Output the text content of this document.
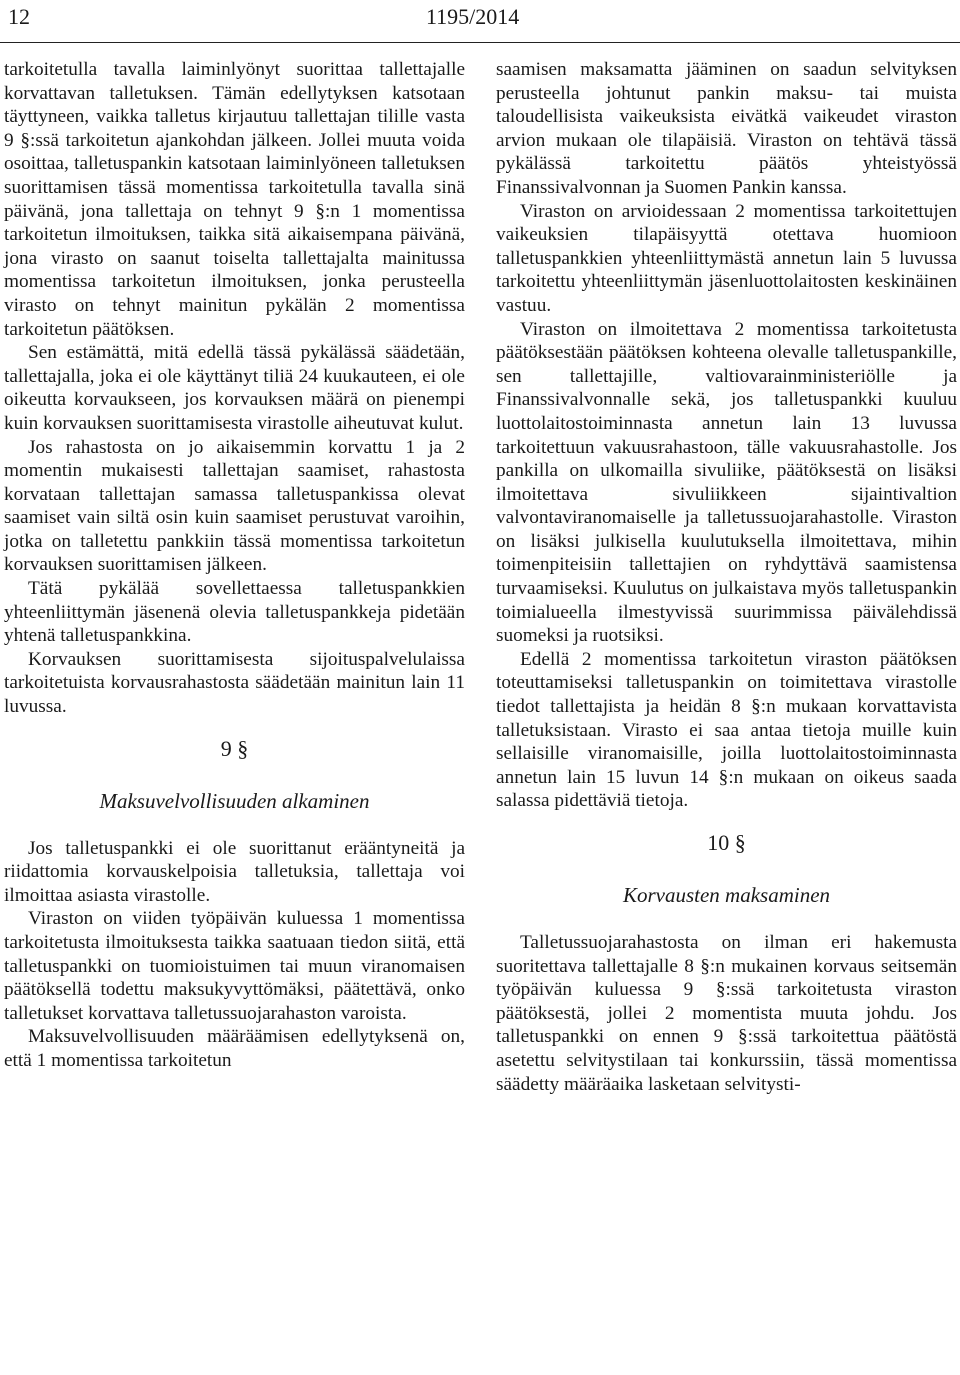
12	1195/2014

tarkoitetulla tavalla laiminlyönyt suorittaa tallettajalle korvattavan talletuksen. Tämän edellytyksen katsotaan täyttyneen, vaikka talletus kirjautuu tallettajan tilille vasta 9 §:ssä tarkoitetun ajankohdan jälkeen. Jollei muuta voida osoittaa, talletuspankin katsotaan laiminlyöneen talletuksen suorittamisen tässä momentissa tarkoitetulla tavalla sinä päivänä, jona tallettaja on tehnyt 9 §:n 1 momentissa tarkoitetun ilmoituksen, taikka sitä aikaisempana päivänä, jona virasto on saanut toiselta tallettajalta mainitussa momentissa tarkoitetun ilmoituksen, jonka perusteella virasto on tehnyt mainitun pykälän 2 momentissa tarkoitetun päätöksen.

Sen estämättä, mitä edellä tässä pykälässä säädetään, tallettajalla, joka ei ole käyttänyt tiliä 24 kuukauteen, ei ole oikeutta korvaukseen, jos korvauksen määrä on pienempi kuin korvauksen suorittamisesta virastolle aiheutuvat kulut.

Jos rahastosta on jo aikaisemmin korvattu 1 ja 2 momentin mukaisesti tallettajan saamiset, rahastosta korvataan tallettajan samassa talletuspankissa olevat saamiset vain siltä osin kuin saamiset perustuvat varoihin, jotka on talletettu pankkiin tässä momentissa tarkoitetun korvauksen suorittamisen jälkeen.

Tätä pykälää sovellettaessa talletuspankkien yhteenliittymän jäsenenä olevia talletuspankkeja pidetään yhtenä talletuspankkina.

Korvauksen suorittamisesta sijoituspalvelulaissa tarkoitetuista korvausrahastosta säädetään mainitun lain 11 luvussa.

9 §
Maksuvelvollisuuden alkaminen

Jos talletuspankki ei ole suorittanut erääntyneitä ja riidattomia korvauskelpoisia talletuksia, tallettaja voi ilmoittaa asiasta virastolle.

Viraston on viiden työpäivän kuluessa 1 momentissa tarkoitetusta ilmoituksesta taikka saatuaan tiedon siitä, että talletuspankki on tuomioistuimen tai muun viranomaisen päätöksellä todettu maksukyvyttömäksi, päätettävä, onko talletukset korvattava talletussuojarahaston varoista.

Maksuvelvollisuuden määräämisen edellytyksenä on, että 1 momentissa tarkoitetun

saamisen maksamatta jääminen on saadun selvityksen perusteella johtunut pankin maksu- tai muista taloudellisista vaikeuksista eivätkä vaikeudet viraston arvion mukaan ole tilapäisiä. Viraston on tehtävä tässä pykälässä tarkoitettu päätös yhteistyössä Finanssivalvonnan ja Suomen Pankin kanssa.

Viraston on arvioidessaan 2 momentissa tarkoitettujen vaikeuksien tilapäisyyttä otettava huomioon talletuspankkien yhteenliittymästä annetun lain 5 luvussa tarkoitettu yhteenliittymän jäsenluottolaitosten keskinäinen vastuu.

Viraston on ilmoitettava 2 momentissa tarkoitetusta päätöksestään päätöksen kohteena olevalle talletuspankille, sen tallettajille, valtiovarainministeriölle ja Finanssivalvonnalle sekä, jos talletuspankki kuuluu luottolaitostoiminnasta annetun lain 13 luvussa tarkoitettuun vakuusrahastoon, tälle vakuusrahastolle. Jos pankilla on ulkomailla sivuliike, päätöksestä on lisäksi ilmoitettava sivuliikkeen sijaintivaltion valvontaviranomaiselle ja talletussuojarahastolle. Viraston on lisäksi julkisella kuulutuksella ilmoitettava, mihin toimenpiteisiin tallettajien on ryhdyttävä saamistensa turvaamiseksi. Kuulutus on julkaistava myös talletuspankin toimialueella ilmestyvissä suurimmissa päivälehdissä suomeksi ja ruotsiksi.

Edellä 2 momentissa tarkoitetun viraston päätöksen toteuttamiseksi talletuspankin on toimitettava virastolle tiedot tallettajista ja heidän 8 §:n mukaan korvattavista talletuksistaan. Virasto ei saa antaa tietoja muille kuin sellaisille viranomaisille, joilla luottolaitostoiminnasta annetun lain 15 luvun 14 §:n mukaan on oikeus saada salassa pidettäviä tietoja.

10 §
Korvausten maksaminen

Talletussuojarahastosta on ilman eri hakemusta suoritettava tallettajalle 8 §:n mukainen korvaus seitsemän työpäivän kuluessa 9 §:ssä tarkoitetusta viraston päätöksestä, jollei 2 momentista muuta johdu. Jos talletuspankki on ennen 9 §:ssä tarkoitettua päätöstä asetettu selvitystilaan tai konkurssiin, tässä momentissa säädetty määräaika lasketaan selvitysti-
